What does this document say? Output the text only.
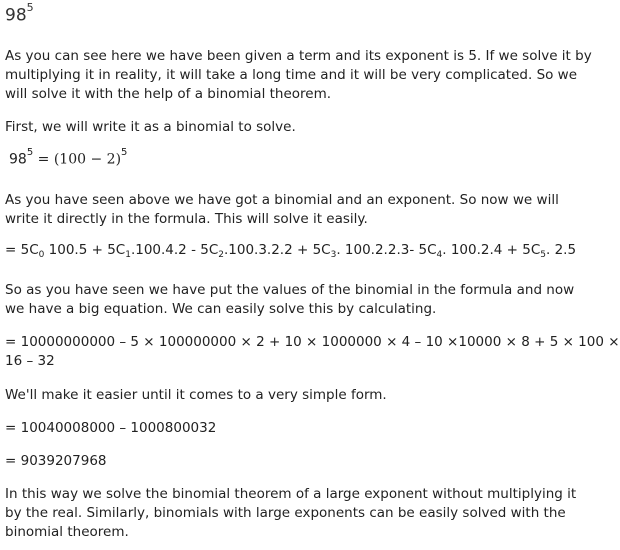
$98^5$
As you can see here we have been given a term and its exponent is 5. If we solve it by
multiplying it in reality, it will take a long time and it will be very complicated. So we
will solve it with the help of a binomial theorem.
First, we will write it as a binomial to solve.
$98^5 = (100 - 2)^5$
As you have seen above we have got a binomial and an exponent. So now we will
write it directly in the formula. This will solve it easily.
= $5C_0$ $100.5 + 5C_1.100.4.2 - 5C_2.100.3.2.2 + 5C_3$. 100.2.2.3- $5C_4$. $100.2.4 + 5C_5$. 2.5
So as you have seen we have put the values of the binomial in the formula and now
we have a big equation. We can easily solve this by calculating.
= 10000000000 – 5 × 100000000 × 2 + 10 × 1000000 × 4 – 10 ×10000 × 8 + 5 × 100 ×
16 – 32
We'll make it easier until it comes to a very simple form.
= 10040008000 – 1000800032
= 9039207968
In this way we solve the binomial theorem of a large exponent without multiplying it
by the real. Similarly, binomials with large exponents can be easily solved with the
binomial theorem.
